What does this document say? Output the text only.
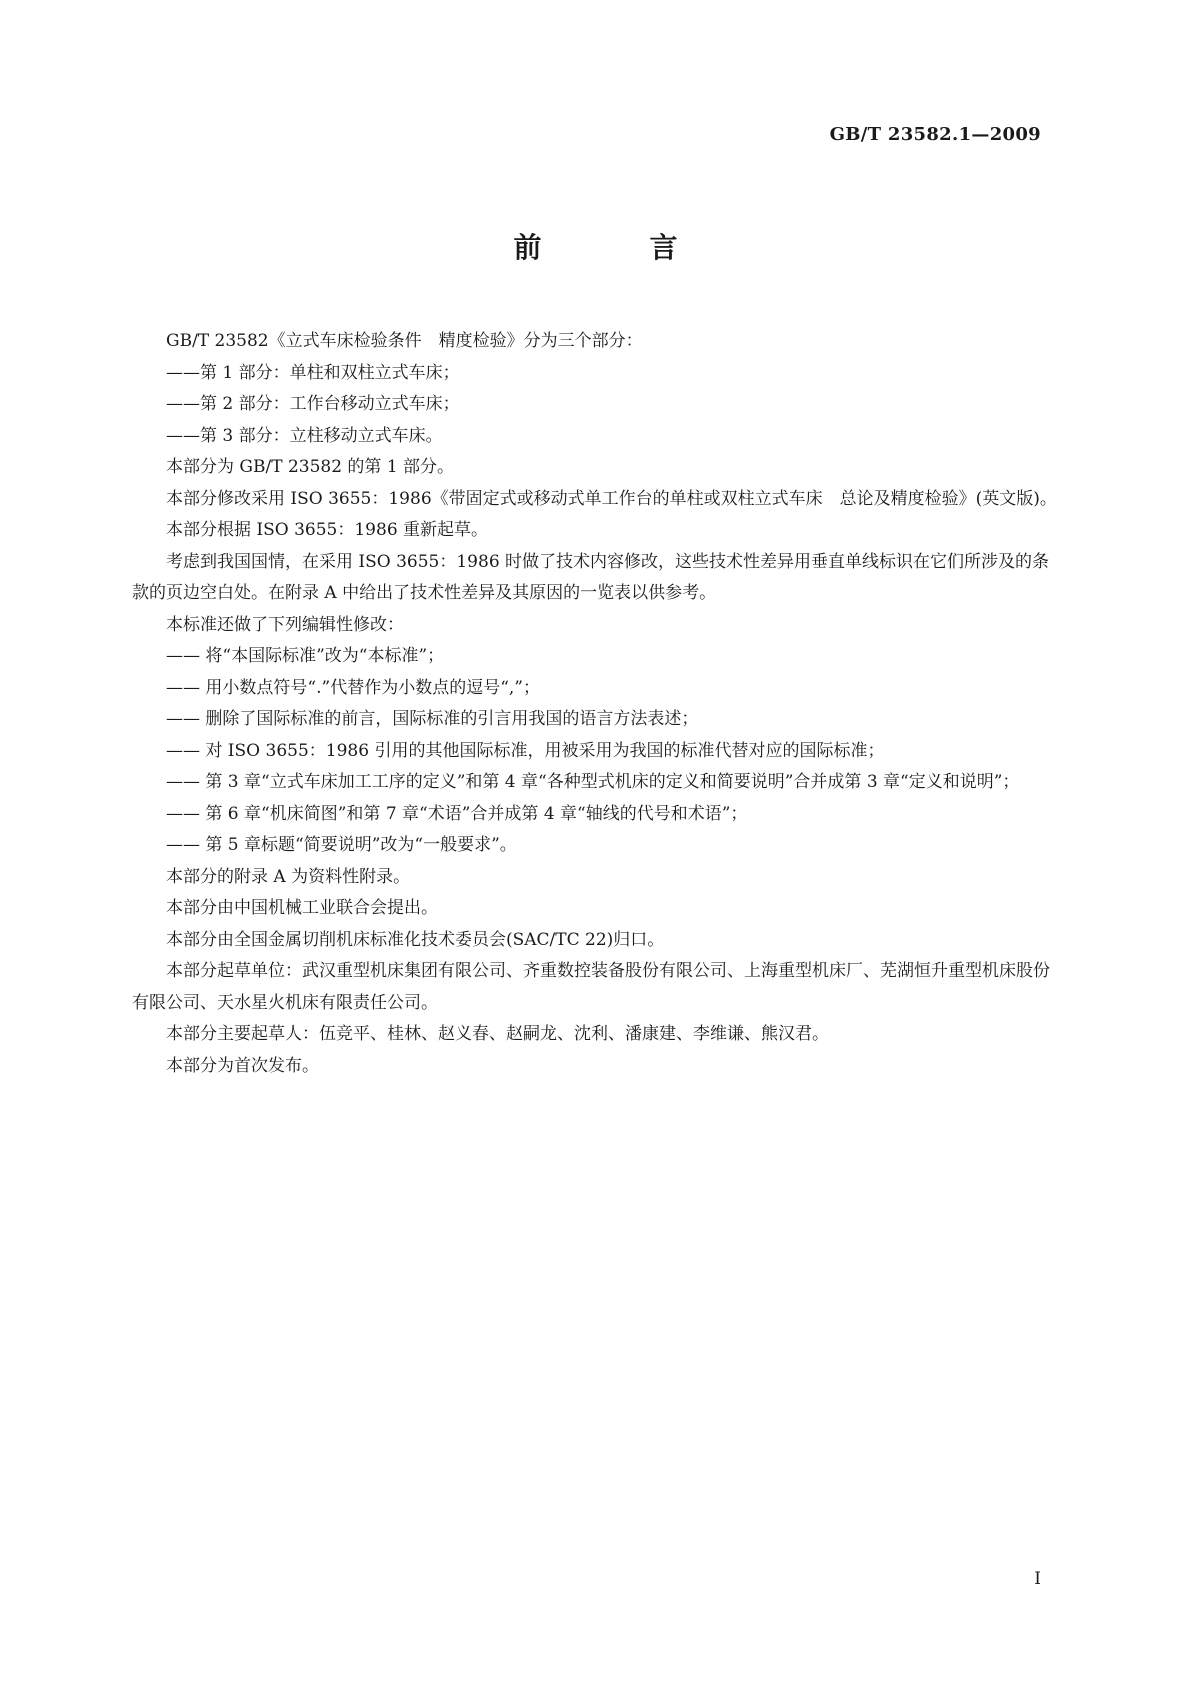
GB/T 23582.1—2009
前　言

GB/T 23582《立式车床检验条件　精度检验》分为三个部分：

——第 1 部分：单柱和双柱立式车床；

——第 2 部分：工作台移动立式车床；

——第 3 部分：立柱移动立式车床。

本部分为 GB/T 23582 的第 1 部分。

本部分修改采用 ISO 3655：1986《带固定式或移动式单工作台的单柱或双柱立式车床　总论及精度检验》(英文版)。

本部分根据 ISO 3655：1986 重新起草。

考虑到我国国情，在采用 ISO 3655：1986 时做了技术内容修改，这些技术性差异用垂直单线标识在它们所涉及的条款的页边空白处。在附录 A 中给出了技术性差异及其原因的一览表以供参考。

本标准还做了下列编辑性修改：

—— 将“本国际标准”改为“本标准”；

—— 用小数点符号“.”代替作为小数点的逗号“,”；

—— 删除了国际标准的前言，国际标准的引言用我国的语言方法表述；

—— 对 ISO 3655：1986 引用的其他国际标准，用被采用为我国的标准代替对应的国际标准；

—— 第 3 章“立式车床加工工序的定义”和第 4 章“各种型式机床的定义和简要说明”合并成第 3 章“定义和说明”；

—— 第 6 章“机床简图”和第 7 章“术语”合并成第 4 章“轴线的代号和术语”；

—— 第 5 章标题“简要说明”改为“一般要求”。

本部分的附录 A 为资料性附录。

本部分由中国机械工业联合会提出。

本部分由全国金属切削机床标准化技术委员会(SAC/TC 22)归口。

本部分起草单位：武汉重型机床集团有限公司、齐重数控装备股份有限公司、上海重型机床厂、芜湖恒升重型机床股份有限公司、天水星火机床有限责任公司。

本部分主要起草人：伍竞平、桂林、赵义春、赵嗣龙、沈利、潘康建、李维谦、熊汉君。

本部分为首次发布。

I
